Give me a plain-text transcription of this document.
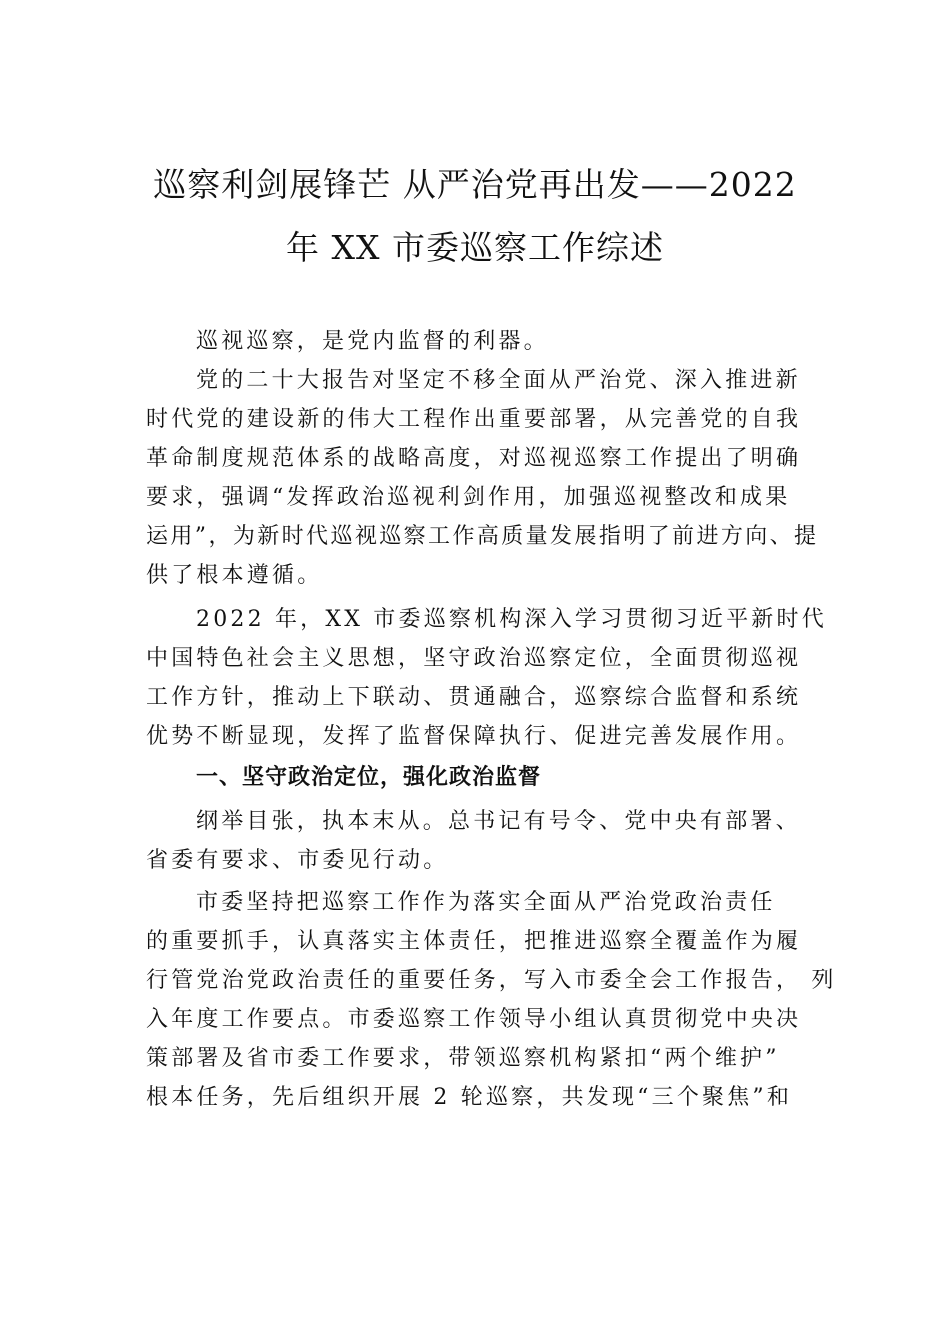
巡察利剑展锋芒 从严治党再出发——2022
年 XX 市委巡察工作综述
巡视巡察，是党内监督的利器。
党的二十大报告对坚定不移全面从严治党、深入推进新
时代党的建设新的伟大工程作出重要部署，从完善党的自我
革命制度规范体系的战略高度，对巡视巡察工作提出了明确
要求，强调“发挥政治巡视利剑作用，加强巡视整改和成果
运用”，为新时代巡视巡察工作高质量发展指明了前进方向、提
供了根本遵循。
2022 年，XX 市委巡察机构深入学习贯彻习近平新时代
中国特色社会主义思想，坚守政治巡察定位，全面贯彻巡视
工作方针，推动上下联动、贯通融合，巡察综合监督和系统
优势不断显现，发挥了监督保障执行、促进完善发展作用。
一、坚守政治定位，强化政治监督
纲举目张，执本末从。总书记有号令、党中央有部署、
省委有要求、市委见行动。
市委坚持把巡察工作作为落实全面从严治党政治责任
的重要抓手，认真落实主体责任，把推进巡察全覆盖作为履
行管党治党政治责任的重要任务，写入市委全会工作报告， 列
入年度工作要点。市委巡察工作领导小组认真贯彻党中央决
策部署及省市委工作要求，带领巡察机构紧扣“两个维护”
根本任务，先后组织开展 2 轮巡察，共发现“三个聚焦”和
